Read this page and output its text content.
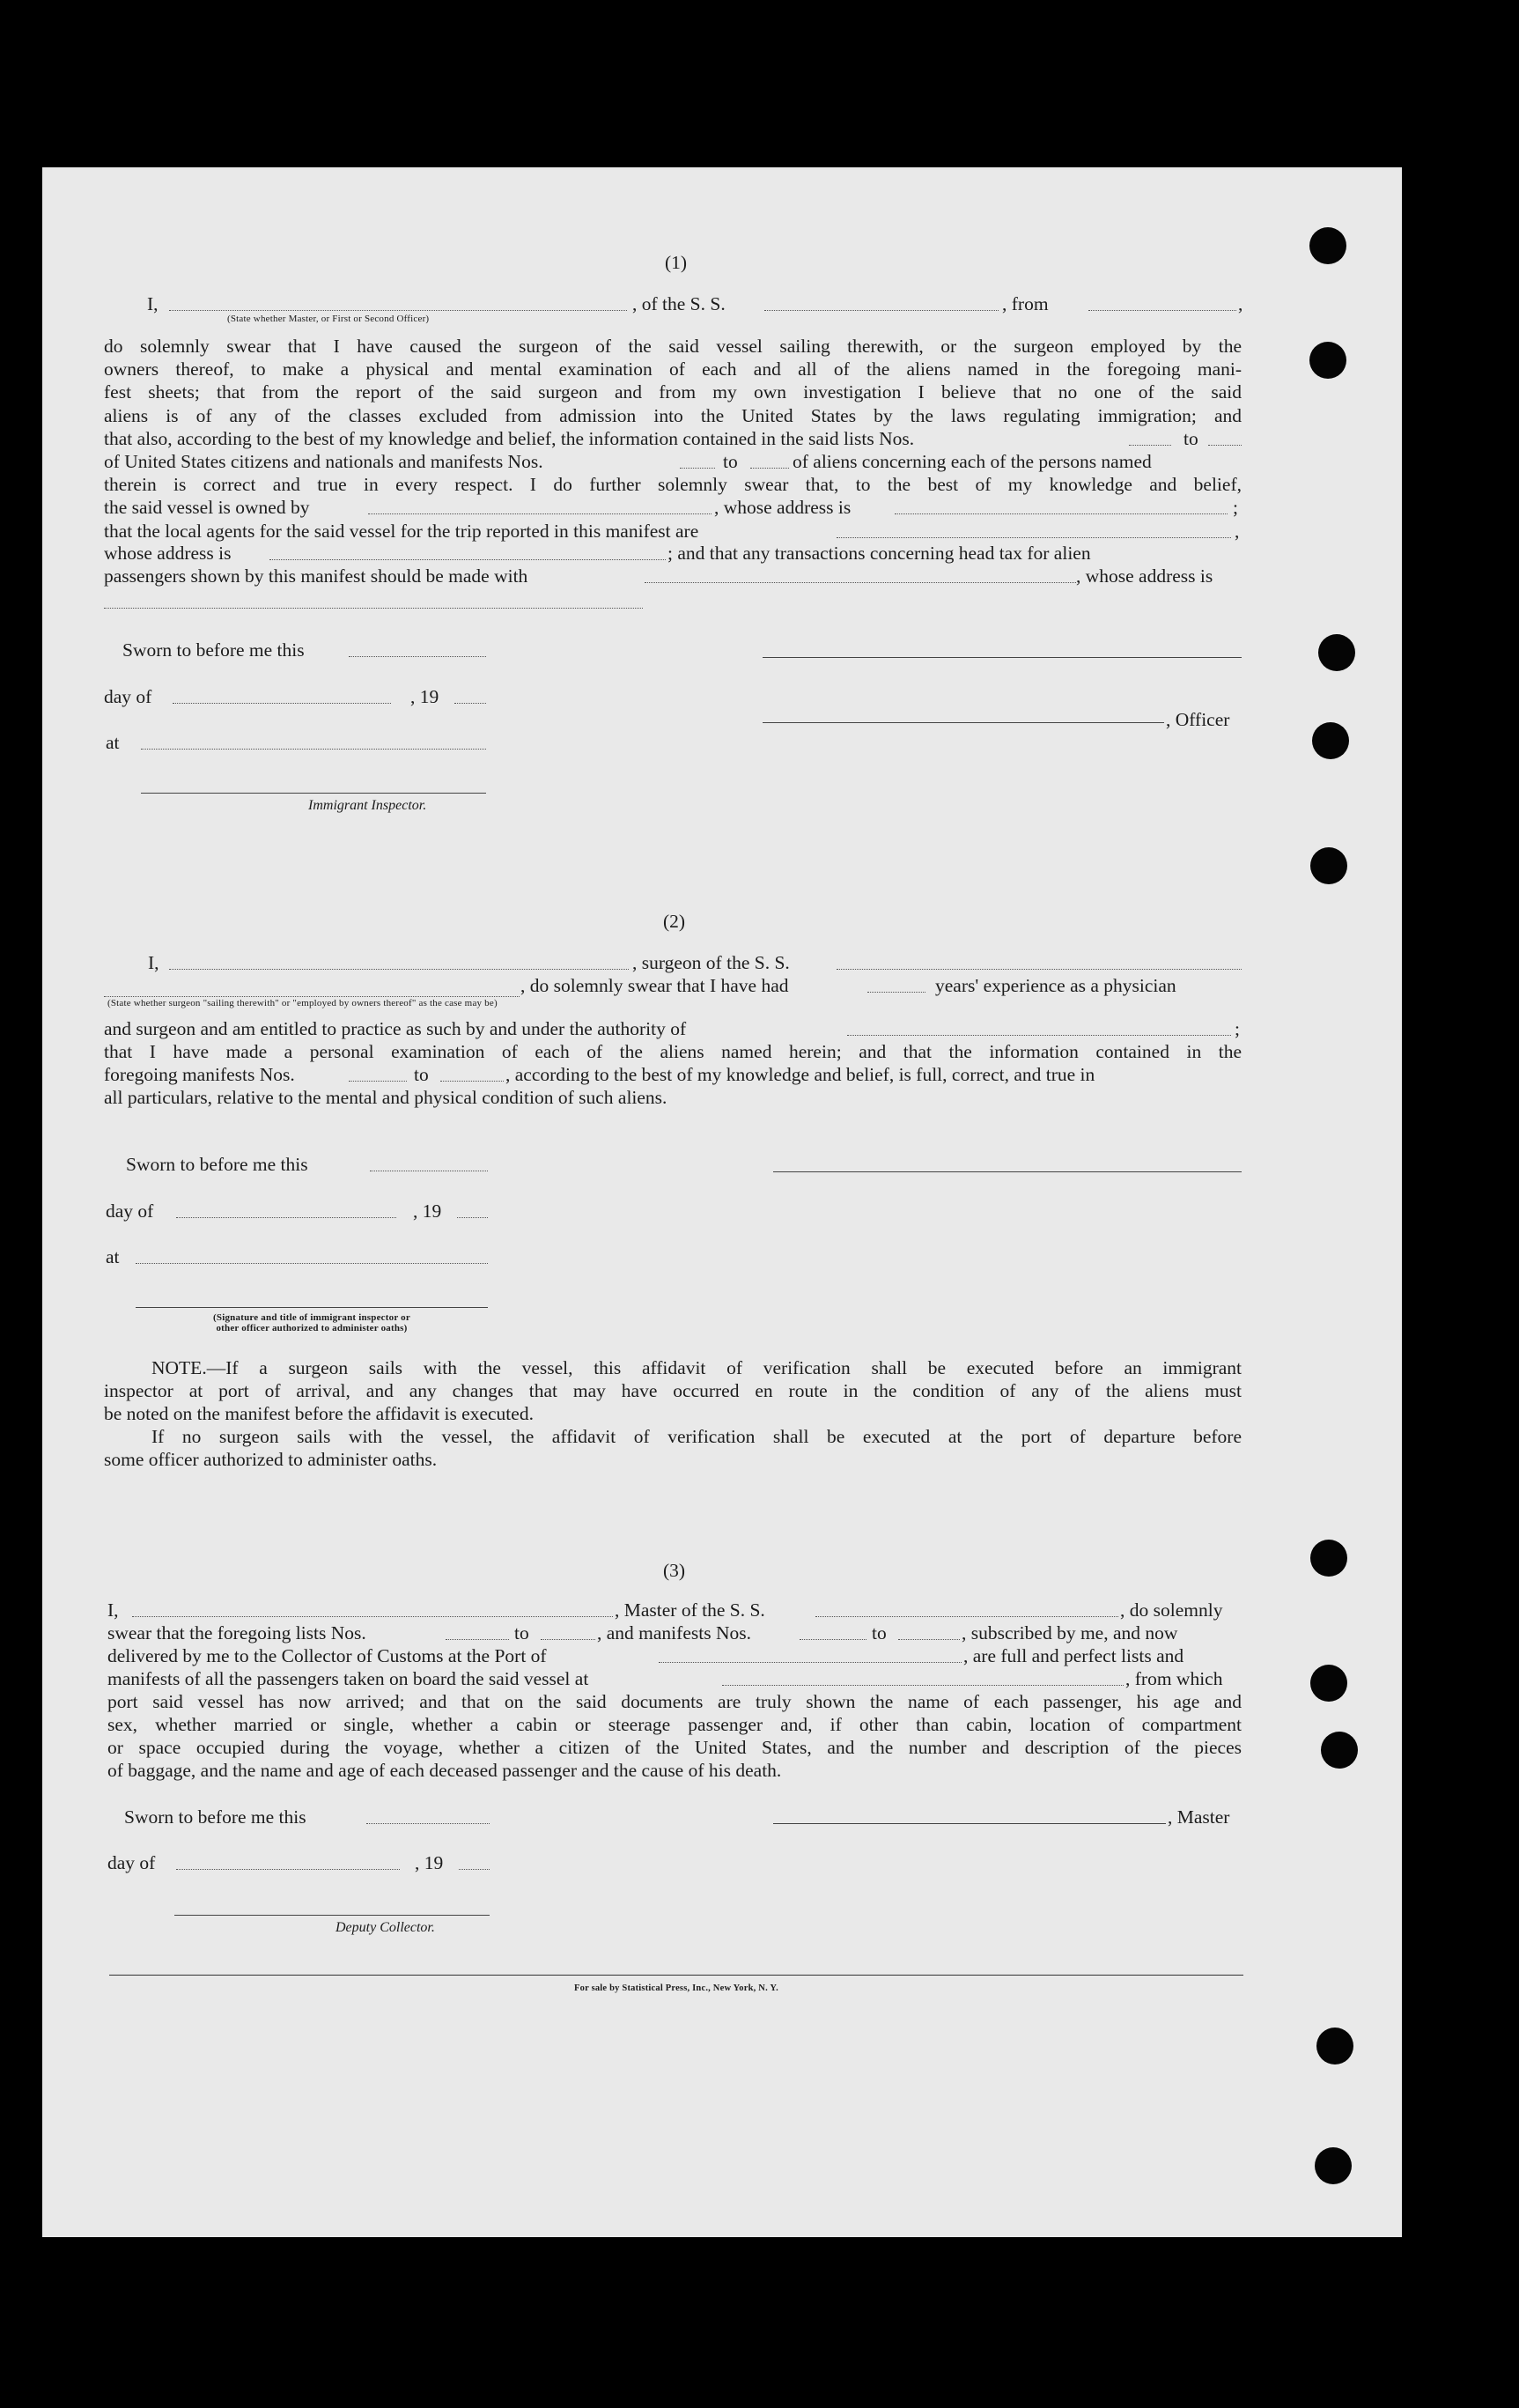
(1)
I,	, of the S. S.	, from	,
(State whether Master, or First or Second Officer)
do solemnly swear that I have caused the surgeon of the said vessel sailing therewith, or the surgeon employed by the
owners thereof, to make a physical and mental examination of each and all of the aliens named in the foregoing mani-
fest sheets; that from the report of the said surgeon and from my own investigation I believe that no one of the said
aliens is of any of the classes excluded from admission into the United States by the laws regulating immigration; and
that also, according to the best of my knowledge and belief, the information contained in the said lists Nos.	to
of United States citizens and nationals and manifests Nos.	to	of aliens concerning each of the persons named
therein is correct and true in every respect. I do further solemnly swear that, to the best of my knowledge and belief,
the said vessel is owned by	, whose address is	;
that the local agents for the said vessel for the trip reported in this manifest are	,
whose address is	; and that any transactions concerning head tax for alien
passengers shown by this manifest should be made with	, whose address is
Sworn to before me this
day of	, 19
, Officer
at
Immigrant Inspector.
(2)
I,	, surgeon of the S. S.
, do solemnly swear that I have had	years' experience as a physician
(State whether surgeon "sailing therewith" or "employed by owners thereof" as the case may be)
and surgeon and am entitled to practice as such by and under the authority of	;
that I have made a personal examination of each of the aliens named herein; and that the information contained in the
foregoing manifests Nos.	to	, according to the best of my knowledge and belief, is full, correct, and true in
all particulars, relative to the mental and physical condition of such aliens.
Sworn to before me this
day of	, 19
at
(Signature and title of immigrant inspector or
other officer authorized to administer oaths)
NOTE.—If a surgeon sails with the vessel, this affidavit of verification shall be executed before an immigrant
inspector at port of arrival, and any changes that may have occurred en route in the condition of any of the aliens must
be noted on the manifest before the affidavit is executed.
If no surgeon sails with the vessel, the affidavit of verification shall be executed at the port of departure before
some officer authorized to administer oaths.
(3)
I,	, Master of the S. S.	, do solemnly
swear that the foregoing lists Nos.	to	, and manifests Nos.	to	, subscribed by me, and now
delivered by me to the Collector of Customs at the Port of	, are full and perfect lists and
manifests of all the passengers taken on board the said vessel at	, from which
port said vessel has now arrived; and that on the said documents are truly shown the name of each passenger, his age and
sex, whether married or single, whether a cabin or steerage passenger and, if other than cabin, location of compartment
or space occupied during the voyage, whether a citizen of the United States, and the number and description of the pieces
of baggage, and the name and age of each deceased passenger and the cause of his death.
Sworn to before me this	, Master
day of	, 19
Deputy Collector.
For sale by Statistical Press, Inc., New York, N. Y.
